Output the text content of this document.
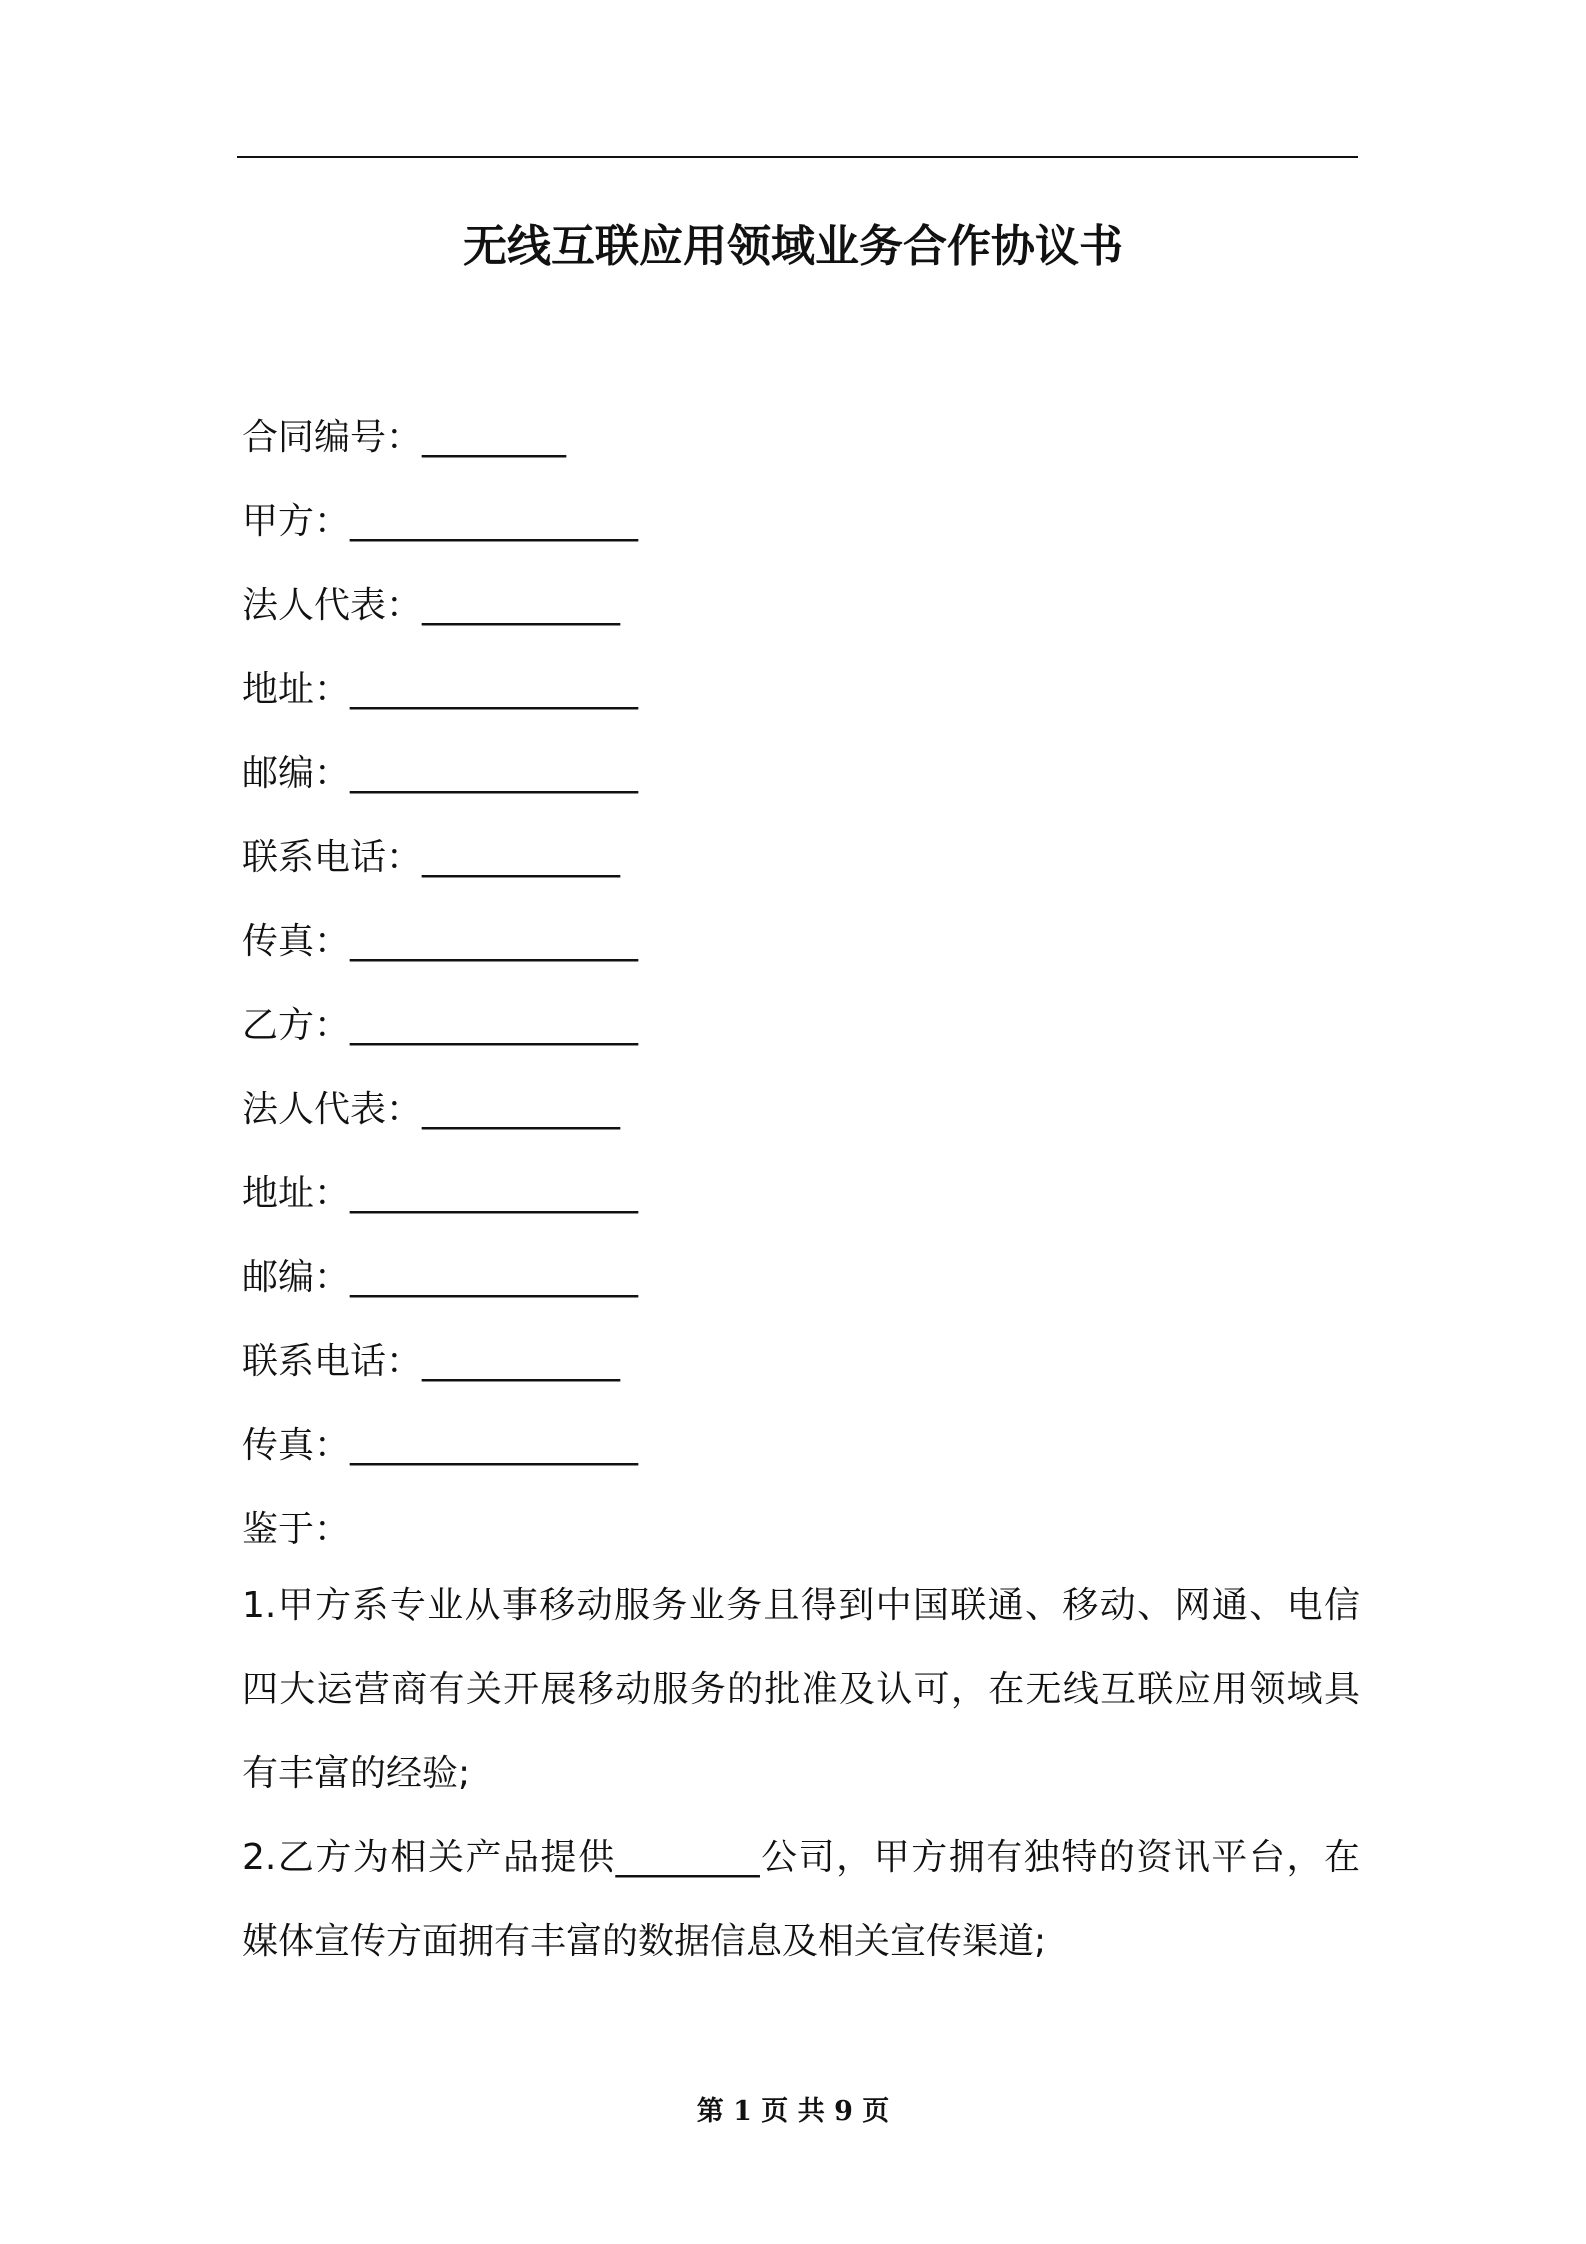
无线互联应用领域业务合作协议书
合同编号：________
甲方：________________
法人代表：___________
地址：________________
邮编：________________
联系电话：___________
传真：________________
乙方：________________
法人代表：___________
地址：________________
邮编：________________
联系电话：___________
传真：________________
鉴于：
1.甲方系专业从事移动服务业务且得到中国联通、移动、网通、电信
四大运营商有关开展移动服务的批准及认可，在无线互联应用领域具
有丰富的经验;
2.乙方为相关产品提供________公司，甲方拥有独特的资讯平台，在
媒体宣传方面拥有丰富的数据信息及相关宣传渠道;
第 1 页 共 9 页
